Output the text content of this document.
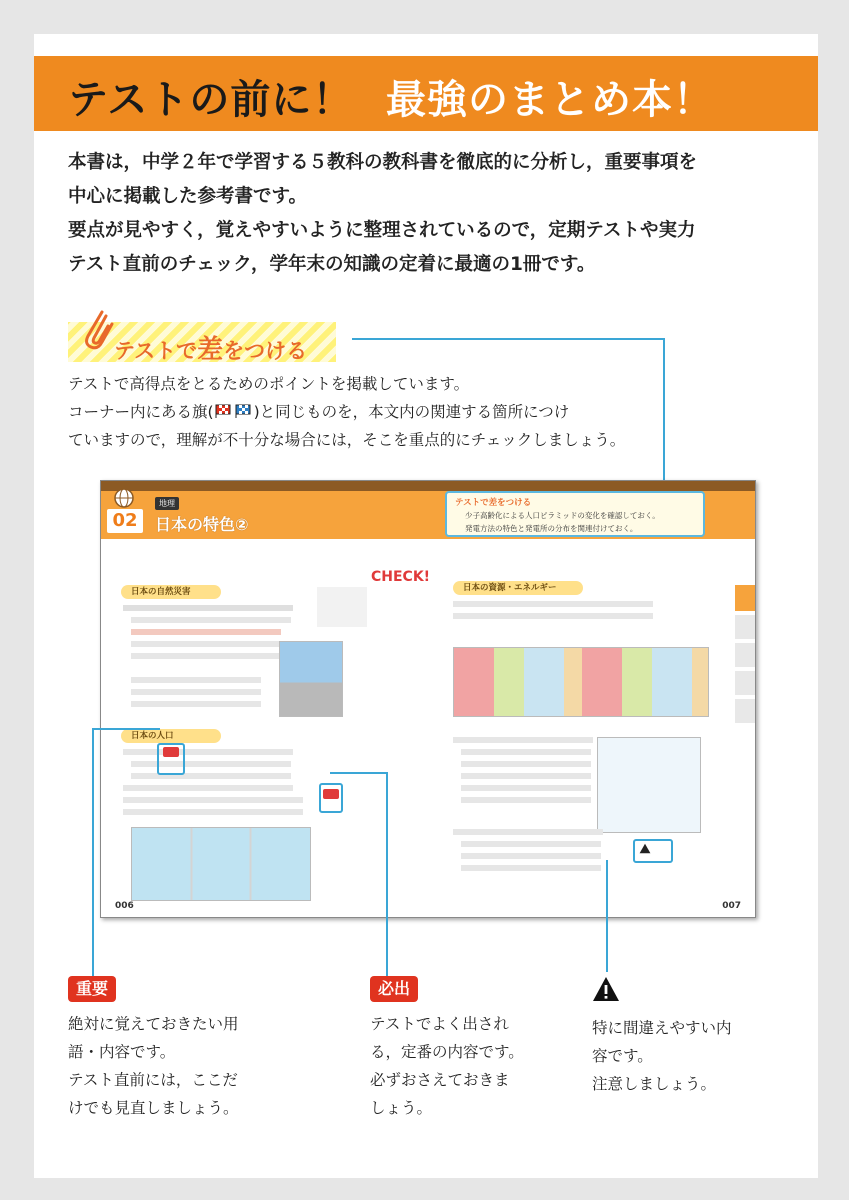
テストの前に！ 最強のまとめ本！

本書は，中学２年で学習する５教科の教科書を徹底的に分析し，重要事項を

中心に掲載した参考書です。

要点が見やすく，覚えやすいように整理されているので，定期テストや実力

テスト直前のチェック，学年末の知識の定着に最適の1冊です。

テストで差をつける

テストで高得点をとるためのポイントを掲載しています。

コーナー内にある旗(	)と同じものを，本文内の関連する箇所につけ

ていますので，理解が不十分な場合には，そこを重点的にチェックしましょう。

02
地理
日本の特色②
テストで差をつける
少子高齢化による人口ピラミッドの変化を確認しておく。
発電方法の特色と発電所の分布を関連付けておく。
CHECK!
日本の自然災害
日本の人口
日本の資源・エネルギー
006	007
重要

絶対に覚えておきたい用

語・内容です。

テスト直前には，ここだ

けでも見直しましょう。

必出

テストでよく出され

る，定番の内容です。

必ずおさえておきま

しょう。

特に間違えやすい内

容です。

注意しましょう。
